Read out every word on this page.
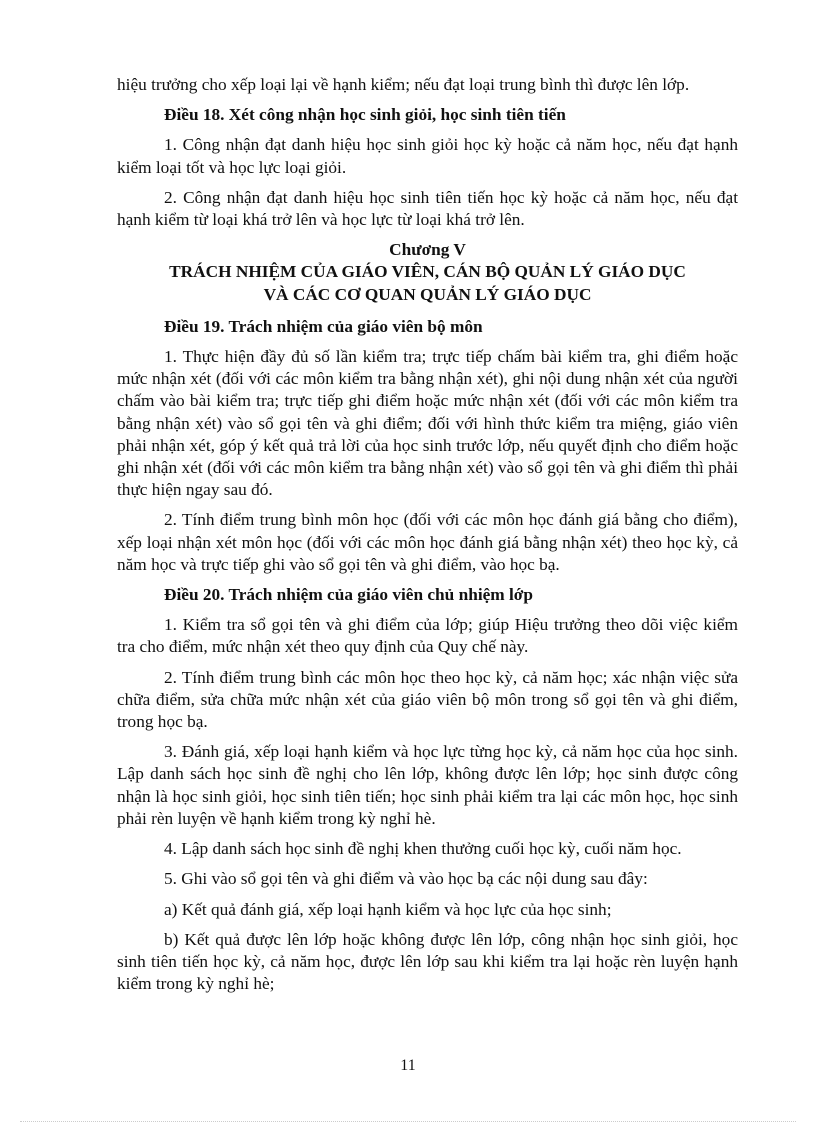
hiệu trưởng cho xếp loại lại về hạnh kiểm; nếu đạt loại trung bình thì được lên lớp.

Điều 18. Xét công nhận học sinh giỏi, học sinh tiên tiến

1. Công nhận đạt danh hiệu học sinh giỏi học kỳ hoặc cả năm học, nếu đạt hạnh kiểm loại tốt và học lực loại giỏi.

2. Công nhận đạt danh hiệu học sinh tiên tiến học kỳ hoặc cả năm học, nếu đạt hạnh kiểm từ loại khá trở lên và học lực từ loại khá trở lên.

Chương V
TRÁCH NHIỆM CỦA GIÁO VIÊN, CÁN BỘ QUẢN LÝ GIÁO DỤC
VÀ CÁC CƠ QUAN QUẢN LÝ GIÁO DỤC

Điều 19. Trách nhiệm của giáo viên bộ môn

1. Thực hiện đầy đủ số lần kiểm tra; trực tiếp chấm bài kiểm tra, ghi điểm hoặc mức nhận xét (đối với các môn kiểm tra bằng nhận xét), ghi nội dung nhận xét của người chấm vào bài kiểm tra; trực tiếp ghi điểm hoặc mức nhận xét (đối với các môn kiểm tra bằng nhận xét) vào sổ gọi tên và ghi điểm; đối với hình thức kiểm tra miệng, giáo viên phải nhận xét, góp ý kết quả trả lời của học sinh trước lớp, nếu quyết định cho điểm hoặc ghi nhận xét (đối với các môn kiểm tra bằng nhận xét) vào sổ gọi tên và ghi điểm thì phải thực hiện ngay sau đó.

2. Tính điểm trung bình môn học (đối với các môn học đánh giá bằng cho điểm), xếp loại nhận xét môn học (đối với các môn học đánh giá bằng nhận xét) theo học kỳ, cả năm học và trực tiếp ghi vào sổ gọi tên và ghi điểm, vào học bạ.

Điều 20. Trách nhiệm của giáo viên chủ nhiệm lớp

1. Kiểm tra sổ gọi tên và ghi điểm của lớp; giúp Hiệu trưởng theo dõi việc kiểm tra cho điểm, mức nhận xét theo quy định của Quy chế này.

2. Tính điểm trung bình các môn học theo học kỳ, cả năm học; xác nhận việc sửa chữa điểm, sửa chữa mức nhận xét của giáo viên bộ môn trong sổ gọi tên và ghi điểm, trong học bạ.

3. Đánh giá, xếp loại hạnh kiểm và học lực từng học kỳ, cả năm học của học sinh. Lập danh sách học sinh đề nghị cho lên lớp, không được lên lớp; học sinh được công nhận là học sinh giỏi, học sinh tiên tiến; học sinh phải kiểm tra lại các môn học, học sinh phải rèn luyện về hạnh kiểm trong kỳ nghỉ hè.

4. Lập danh sách học sinh đề nghị khen thưởng cuối học kỳ, cuối năm học.

5. Ghi vào sổ gọi tên và ghi điểm và vào học bạ các nội dung sau đây:

a) Kết quả đánh giá, xếp loại hạnh kiểm và học lực của học sinh;

b) Kết quả được lên lớp hoặc không được lên lớp, công nhận học sinh giỏi, học sinh tiên tiến học kỳ, cả năm học, được lên lớp sau khi kiểm tra lại hoặc rèn luyện hạnh kiểm trong kỳ nghỉ hè;

11
